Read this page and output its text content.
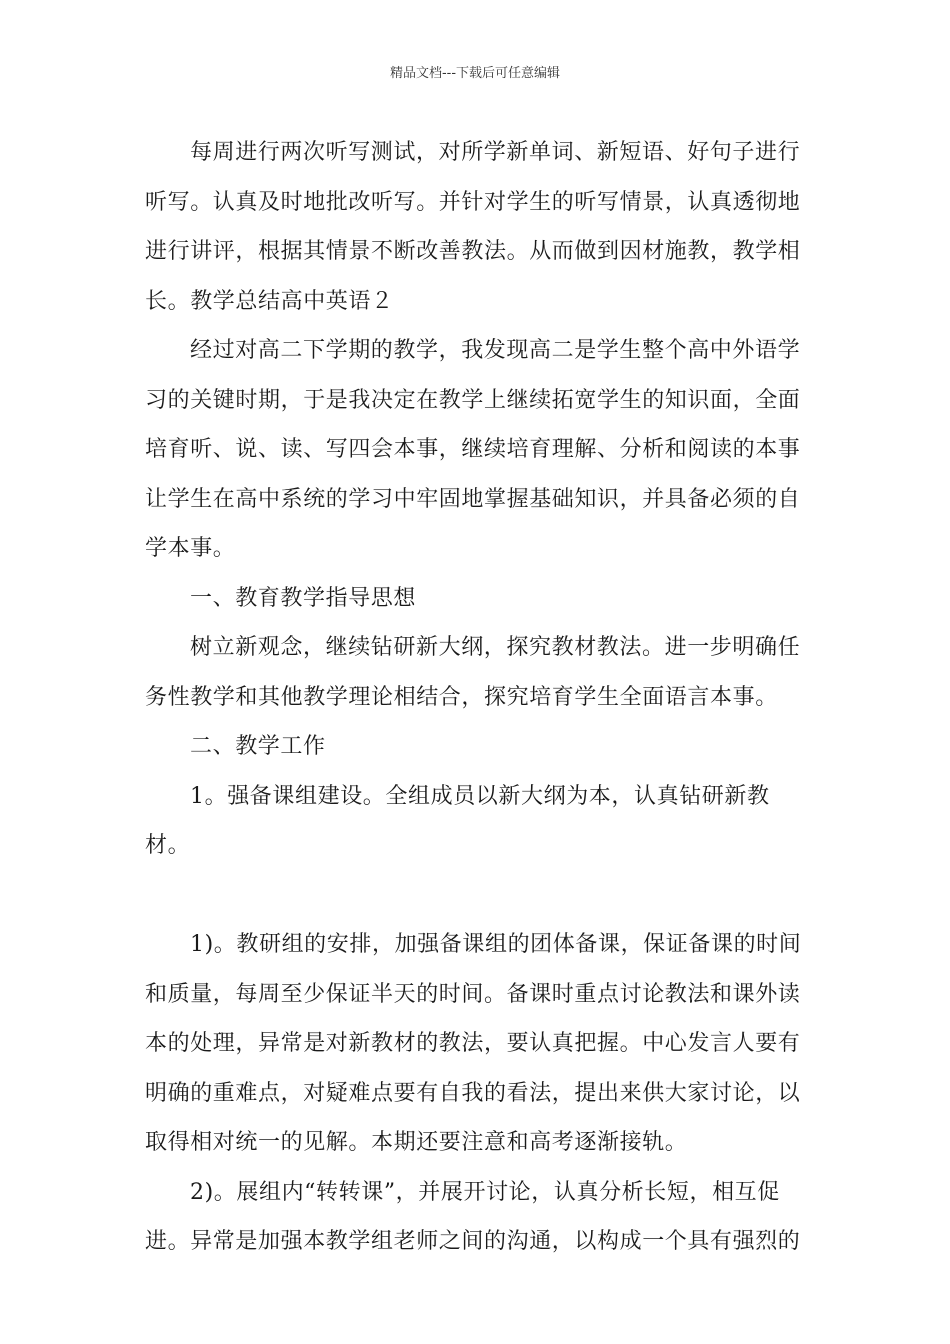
精品文档---下载后可任意编辑

每周进行两次听写测试，对所学新单词、新短语、好句子进行听写。认真及时地批改听写。并针对学生的听写情景，认真透彻地进行讲评，根据其情景不断改善教法。从而做到因材施教，教学相长。教学总结高中英语２

经过对高二下学期的教学，我发现高二是学生整个高中外语学习的关键时期，于是我决定在教学上继续拓宽学生的知识面，全面培育听、说、读、写四会本事，继续培育理解、分析和阅读的本事让学生在高中系统的学习中牢固地掌握基础知识，并具备必须的自学本事。

一、教育教学指导思想

树立新观念，继续钻研新大纲，探究教材教法。进一步明确任务性教学和其他教学理论相结合，探究培育学生全面语言本事。

二、教学工作

1。强备课组建设。全组成员以新大纲为本，认真钻研新教材。

1)。教研组的安排，加强备课组的团体备课，保证备课的时间和质量，每周至少保证半天的时间。备课时重点讨论教法和课外读本的处理，异常是对新教材的教法，要认真把握。中心发言人要有明确的重难点，对疑难点要有自我的看法，提出来供大家讨论，以取得相对统一的见解。本期还要注意和高考逐渐接轨。

2)。展组内“转转课”，并展开讨论，认真分析长短，相互促进。异常是加强本教学组老师之间的沟通，以构成一个具有强烈的
